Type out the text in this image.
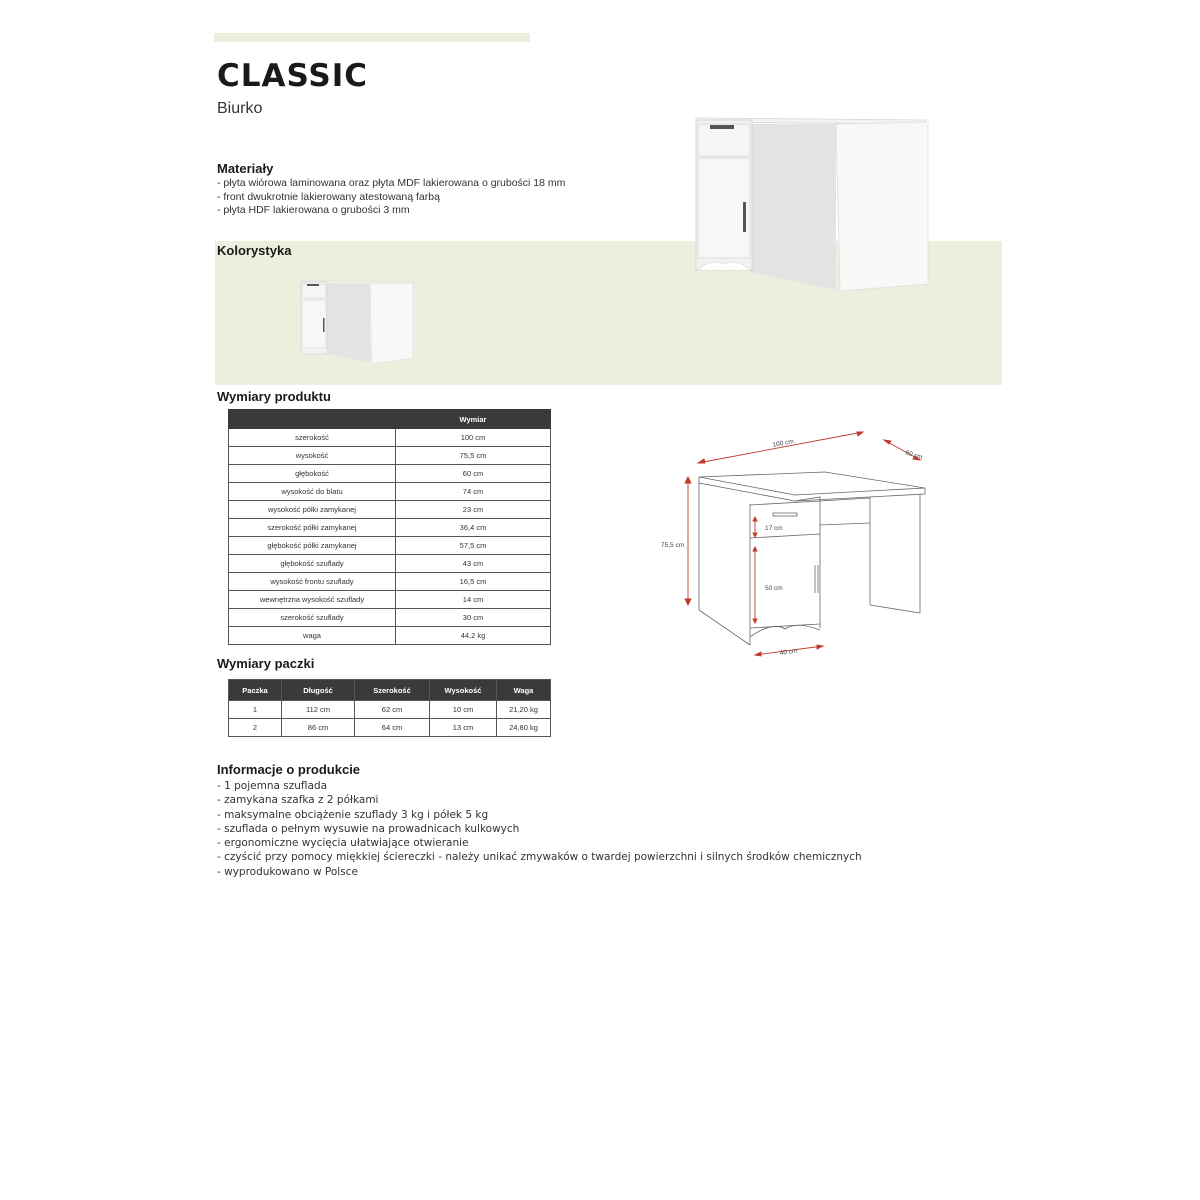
CLASSIC
Biurko
Materiały
- płyta wiórowa laminowana oraz płyta MDF lakierowana o grubości 18 mm
- front dwukrotnie lakierowany atestowaną farbą
- płyta HDF lakierowana o grubości 3 mm
Kolorystyka
Wymiary produktu
	Wymiar
szerokość	100 cm
wysokość	75,5 cm
głębokość	60 cm
wysokość do blatu	74 cm
wysokość półki zamykanej	23 cm
szerokość półki zamykanej	36,4 cm
głębokość półki zamykanej	57,5 cm
głębokość szuflady	43 cm
wysokość frontu szuflady	16,5 cm
wewnętrzna wysokość szuflady	14 cm
szerokość szuflady	30 cm
waga	44,2 kg
100 cm
60 cm
75,5 cm
17 cm
50 cm
40 cm
Wymiary paczki
Paczka	Długość	Szerokość	Wysokość	Waga
1	112 cm	62 cm	10 cm	21,20 kg
2	86 cm	64 cm	13 cm	24,80 kg
Informacje o produkcie
- 1 pojemna szuflada
- zamykana szafka z 2 półkami
- maksymalne obciążenie szuflady 3 kg i półek 5 kg
- szuflada o pełnym wysuwie na prowadnicach kulkowych
- ergonomiczne wycięcia ułatwiające otwieranie
- czyścić przy pomocy miękkiej ściereczki - należy unikać zmywaków o twardej powierzchni i silnych środków chemicznych
- wyprodukowano w Polsce
